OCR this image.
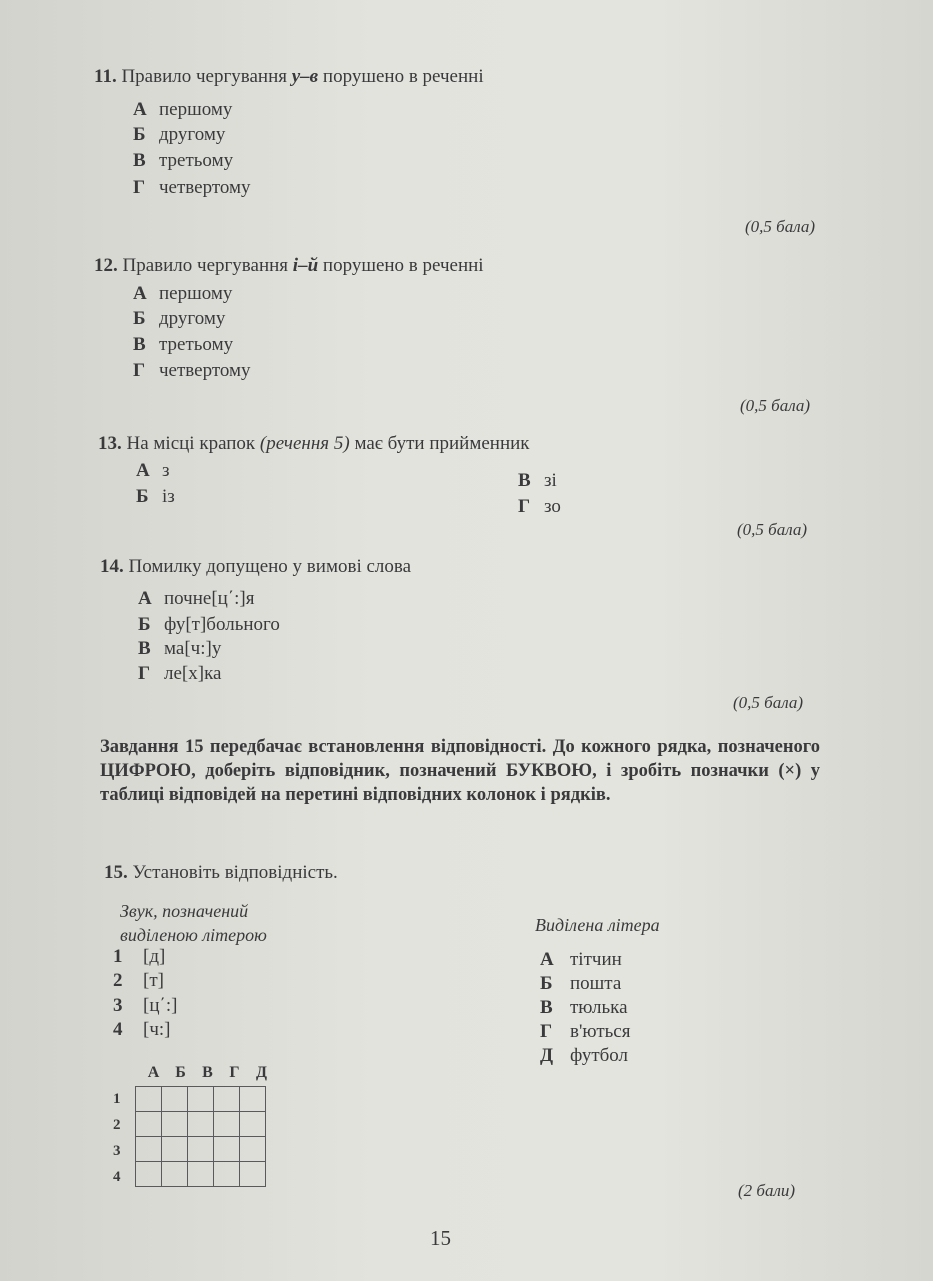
11. Правило чергування у–в порушено в реченні
А першому
Б другому
В третьому
Г четвертому
(0,5 бала)
12. Правило чергування і–й порушено в реченні
А першому
Б другому
В третьому
Г четвертому
(0,5 бала)
13. На місці крапок (речення 5) має бути прийменник
А з
Б із
В зі
Г зо
(0,5 бала)
14. Помилку допущено у вимові слова
А почне[ц΄:]я
Б фу[т]больного
В ма[ч:]у
Г ле[х]ка
(0,5 бала)
Завдання 15 передбачає встановлення відповідності. До кожного рядка, позначеного ЦИФРОЮ, доберіть відповідник, позначений БУКВОЮ, і зробіть позначки (×) у таблиці відповідей на перетині відповідних колонок і рядків.
15. Установіть відповідність.
Звук, позначений
виділеною літерою	Виділена літера
1 [д]
2 [т]
3 [ц΄:]
4 [ч:]
А тітчин
Б пошта
В тюлька
Г в'ються
Д футбол
А Б В Г Д
1
2
3
4

(2 бали)
15
